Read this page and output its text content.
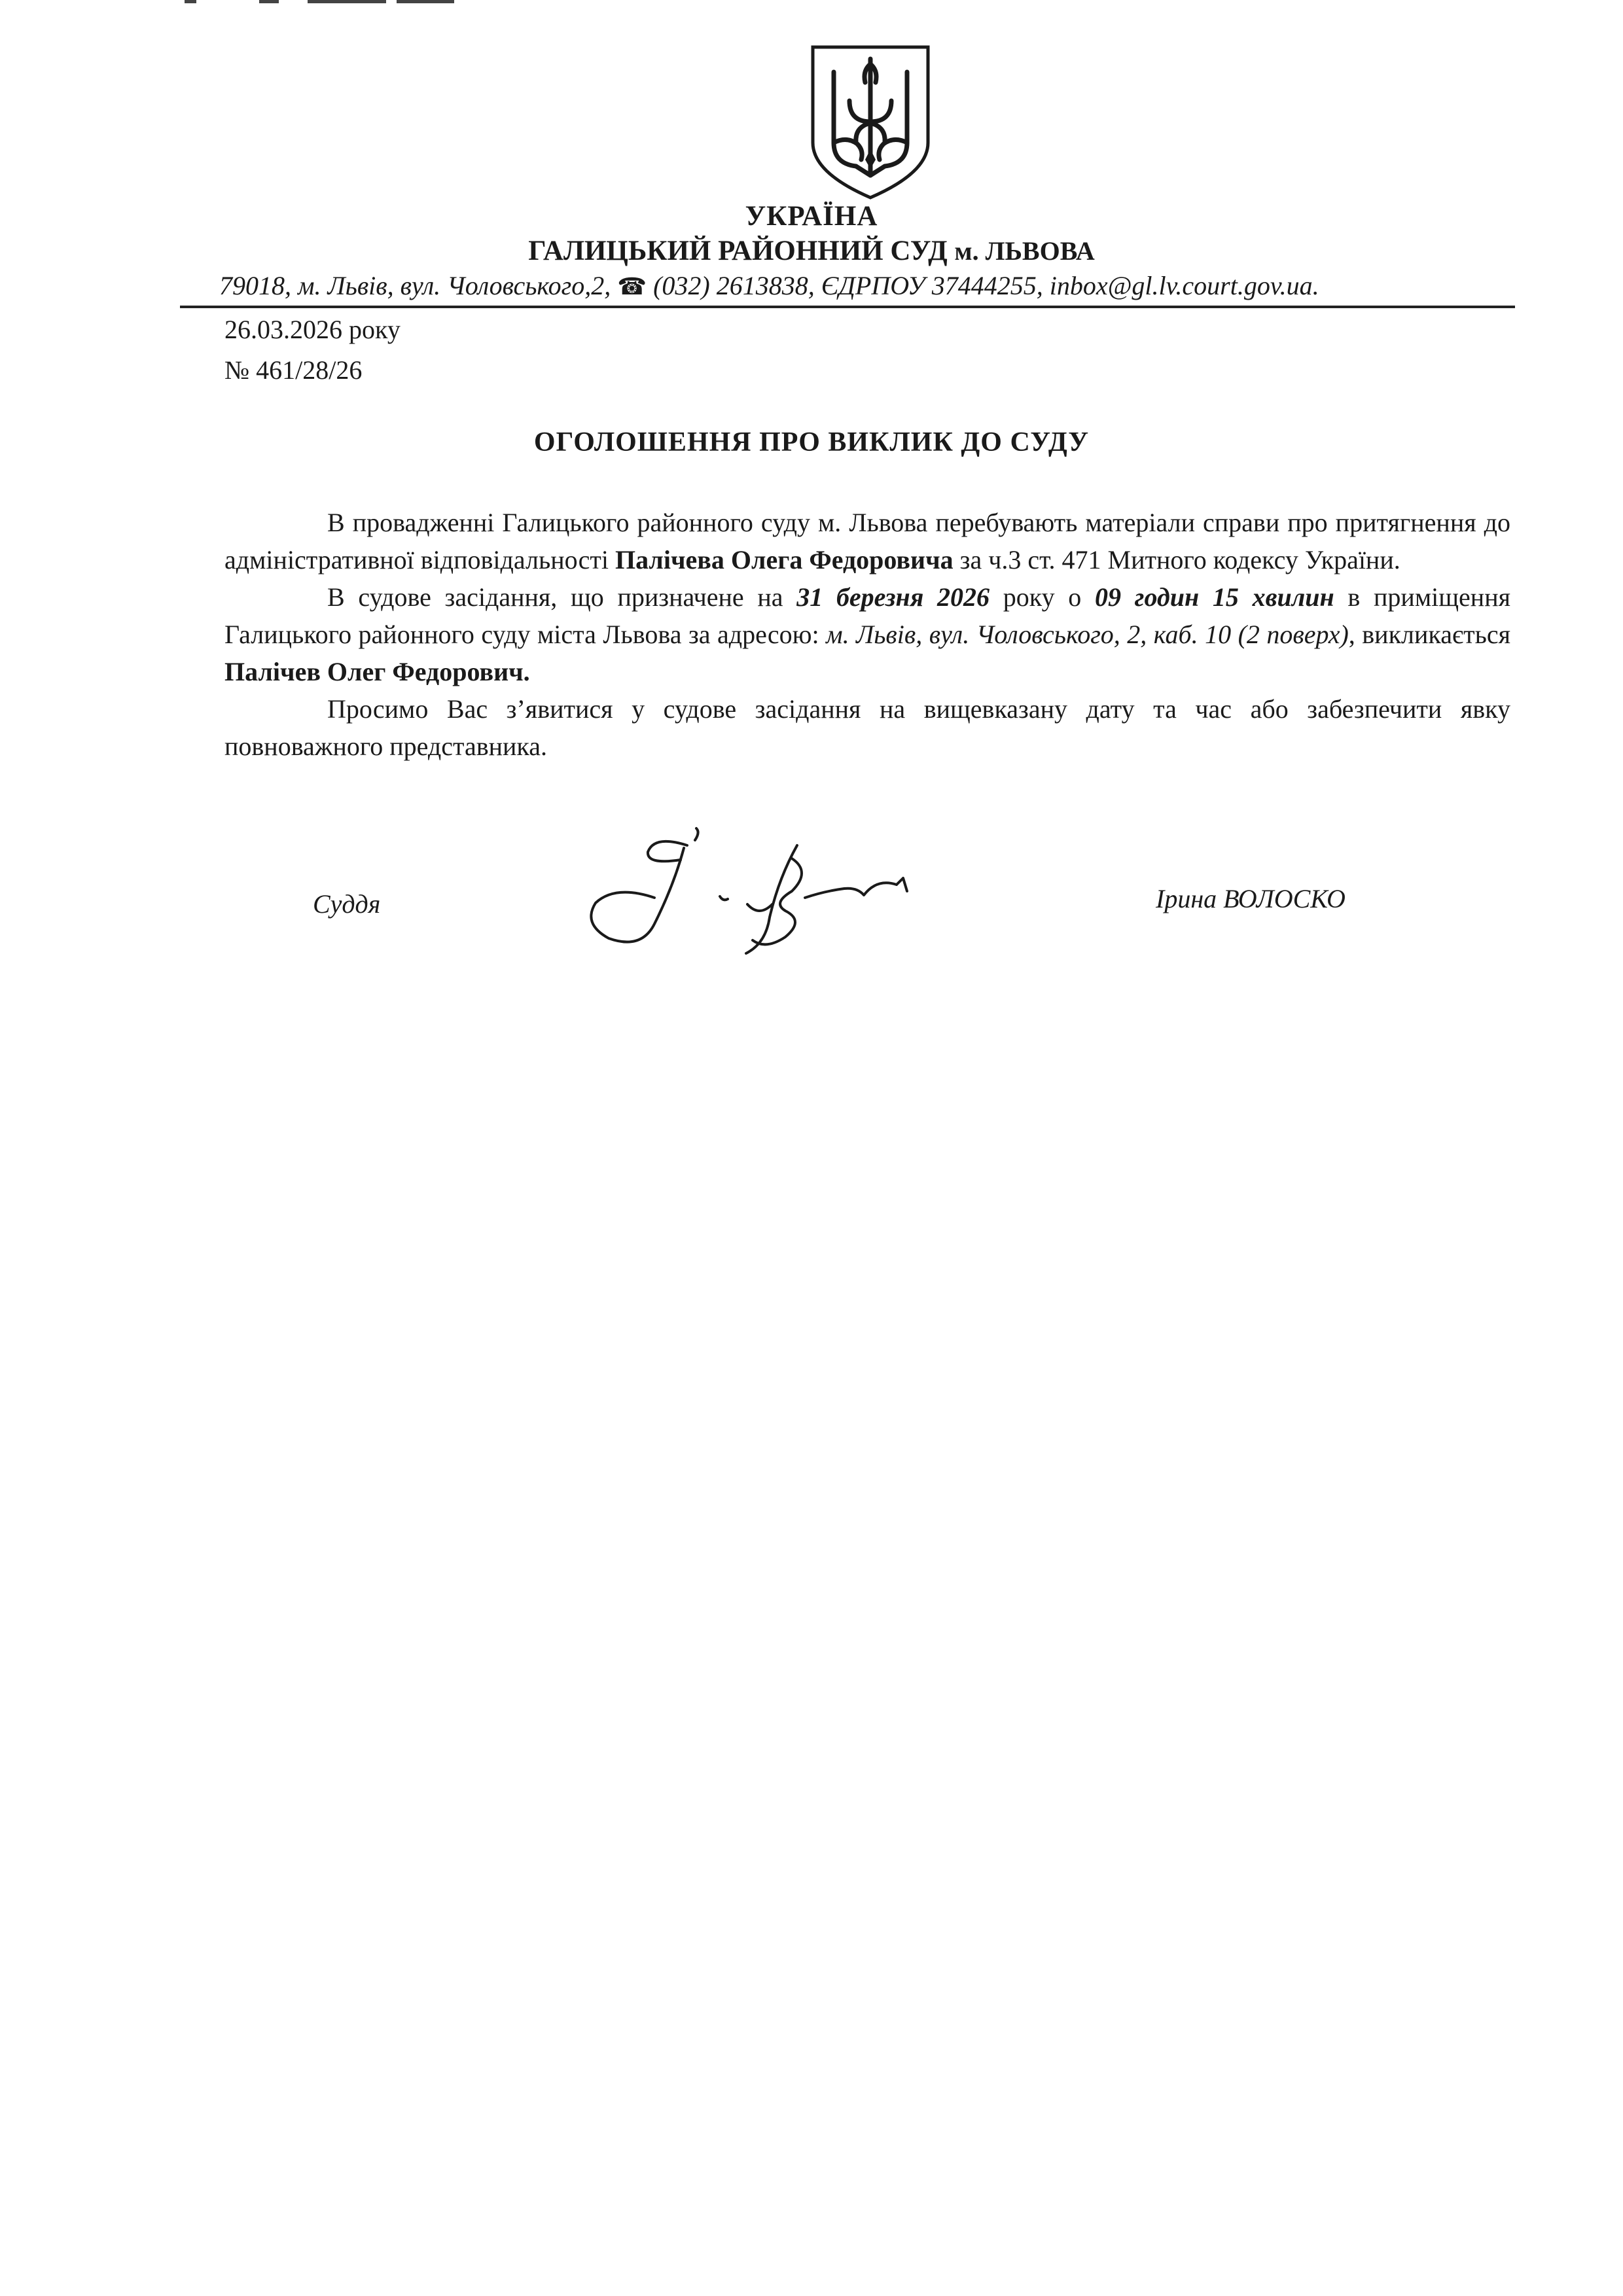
УКРАЇНА
ГАЛИЦЬКИЙ РАЙОННИЙ СУД м. ЛЬВОВА
79018, м. Львів, вул. Чоловського,2, ☎ (032) 2613838, ЄДРПОУ 37444255, inbox@gl.lv.court.gov.ua.
26.03.2026 року
№ 461/28/26
ОГОЛОШЕННЯ ПРО ВИКЛИК ДО СУДУ

В провадженні Галицького районного суду м. Львова перебувають матеріали справи про притягнення до адміністративної відповідальності Палічева Олега Федоровича за ч.3 ст. 471 Митного кодексу України.

В судове засідання, що призначене на 31 березня 2026 року о 09 годин 15 хвилин в приміщення Галицького районного суду міста Львова за адресою: м. Львів, вул. Чоловського, 2, каб. 10 (2 поверх), викликається Палічев Олег Федорович.

Просимо Вас з’явитися у судове засідання на вищевказану дату та час або забезпечити явку повноважного представника.

Суддя	Ірина ВОЛОСКО
